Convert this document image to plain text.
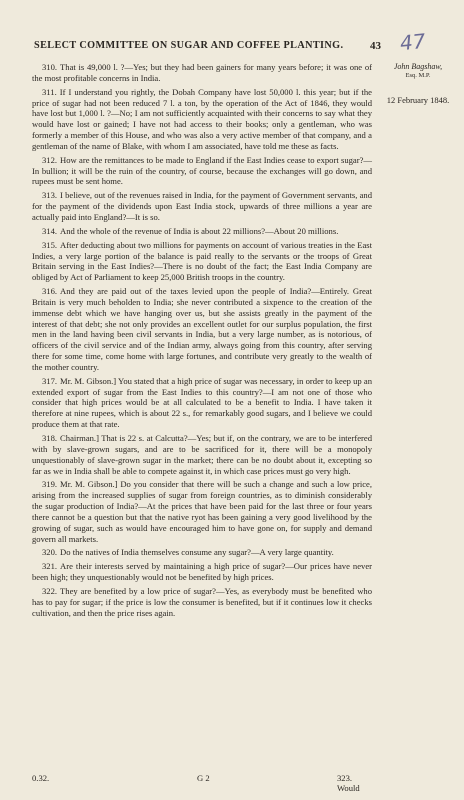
SELECT COMMITTEE ON SUGAR AND COFFEE PLANTING.	43 47
John Bagshaw,
Esq. M.P.
12 February 1848.

310. That is 49,000 l. ?—Yes; but they had been gainers for many years before; it was one of the most profitable concerns in India.

311. If I understand you rightly, the Dobah Company have lost 50,000 l. this year; but if the price of sugar had not been reduced 7 l. a ton, by the operation of the Act of 1846, they would have lost but 1,000 l. ?—No; I am not sufficiently acquainted with their concerns to say what they would have lost or gained; I have not had access to their books; only a gentleman, who was formerly a member of this House, and who was also a very active member of that company, and a gentleman of the name of Blake, with whom I am associated, have told me these as facts.

312. How are the remittances to be made to England if the East Indies cease to export sugar?—In bullion; it will be the ruin of the country, of course, because the exchanges will go down, and rupees must be sent home.

313. I believe, out of the revenues raised in India, for the payment of Government servants, and for the payment of the dividends upon East India stock, upwards of three millions a year are actually paid into England?—It is so.

314. And the whole of the revenue of India is about 22 millions?—About 20 millions.

315. After deducting about two millions for payments on account of various treaties in the East Indies, a very large portion of the balance is paid really to the servants or the troops of Great Britain serving in the East Indies?—There is no doubt of the fact; the East India Company are obliged by Act of Parliament to keep 25,000 British troops in the country.

316. And they are paid out of the taxes levied upon the people of India?—Entirely. Great Britain is very much beholden to India; she never contributed a sixpence to the creation of the immense debt which we have hanging over us, but she assists greatly in the payment of the interest of that debt; she not only provides an excellent outlet for our surplus population, the first men in the land having been civil servants in India, but a very large number, as is notorious, of officers of the civil service and of the Indian army, always going from this country, after serving there for some time, come home with large fortunes, and contribute very greatly to the wealth of the mother country.

317. Mr. M. Gibson.] You stated that a high price of sugar was necessary, in order to keep up an extended export of sugar from the East Indies to this country?—I am not one of those who consider that high prices would be at all calculated to be a benefit to India. I have taken it therefore at nine rupees, which is about 22 s., for remarkably good sugars, and I believe we could produce them at that rate.

318. Chairman.] That is 22 s. at Calcutta?—Yes; but if, on the contrary, we are to be interfered with by slave-grown sugars, and are to be sacrificed for it, there will be a monopoly unquestionably of slave-grown sugar in the market; there can be no doubt about it, excepting so far as we in India shall be able to compete against it, in which case prices must go very high.

319. Mr. M. Gibson.] Do you consider that there will be such a change and such a low price, arising from the increased supplies of sugar from foreign countries, as to diminish considerably the sugar production of India?—At the prices that have been paid for the last three or four years there cannot be a question but that the native ryot has been gaining a very good livelihood by the growing of sugar, such as would have encouraged him to have gone on, for supply and demand govern all markets.

320. Do the natives of India themselves consume any sugar?—A very large quantity.

321. Are their interests served by maintaining a high price of sugar?—Our prices have never been high; they unquestionably would not be benefited by high prices.

322. They are benefited by a low price of sugar?—Yes, as everybody must be benefited who has to pay for sugar; if the price is low the consumer is benefited, but if it continues low it checks cultivation, and then the price rises again.

0.32.	G 2	323. Would
